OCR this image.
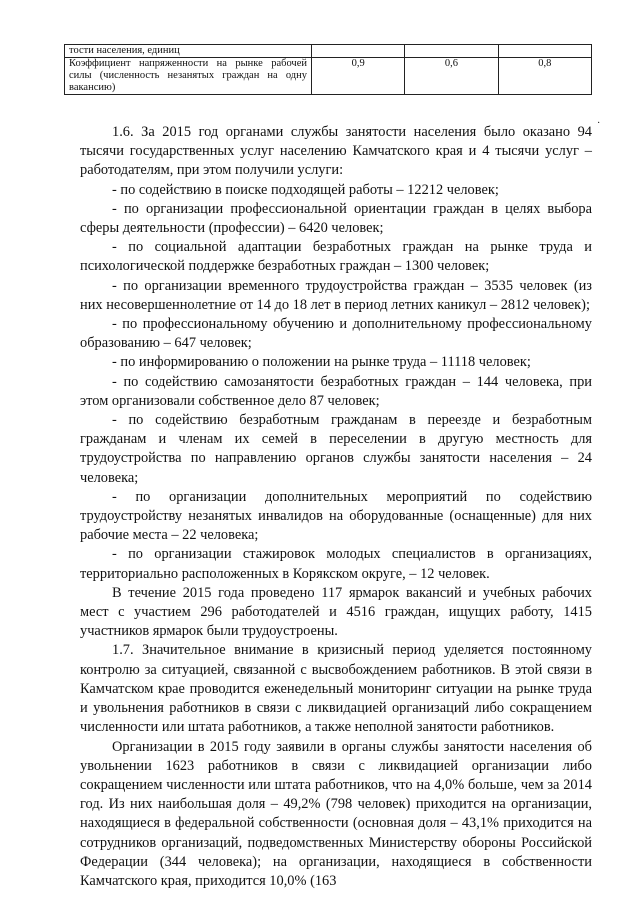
тости населения, единиц			
Коэффициент напряженности на рынке рабочей силы (численность незанятых граждан на одну вакансию)	0,9	0,6	0,8
·

1.6. За 2015 год органами службы занятости населения было оказано 94 тысячи государственных услуг населению Камчатского края и 4 тысячи услуг – работодателям, при этом получили услуги:

- по содействию в поиске подходящей работы – 12212 человек;

- по организации профессиональной ориентации граждан в целях выбора сферы деятельности (профессии) – 6420 человек;

- по социальной адаптации безработных граждан на рынке труда и психологической поддержке безработных граждан – 1300 человек;

- по организации временного трудоустройства граждан – 3535 человек (из них несовершеннолетние от 14 до 18 лет в период летних каникул – 2812 человек);

- по профессиональному обучению и дополнительному профессиональному образованию – 647 человек;

- по информированию о положении на рынке труда – 11118 человек;

- по содействию самозанятости безработных граждан – 144 человека, при этом организовали собственное дело 87 человек;

- по содействию безработным гражданам в переезде и безработным гражданам и членам их семей в переселении в другую местность для трудоустройства по направлению органов службы занятости населения – 24 человека;

- по организации дополнительных мероприятий по содействию трудоустройству незанятых инвалидов на оборудованные (оснащенные) для них рабочие места – 22 человека;

- по организации стажировок молодых специалистов в организациях, территориально расположенных в Корякском округе, – 12 человек.

В течение 2015 года проведено 117 ярмарок вакансий и учебных рабочих мест с участием 296 работодателей и 4516 граждан, ищущих работу, 1415 участников ярмарок были трудоустроены.

1.7. Значительное внимание в кризисный период уделяется постоянному контролю за ситуацией, связанной с высвобождением работников. В этой связи в Камчатском крае проводится еженедельный мониторинг ситуации на рынке труда и увольнения работников в связи с ликвидацией организаций либо сокращением численности или штата работников, а также неполной занятости работников.

Организации в 2015 году заявили в органы службы занятости населения об увольнении 1623 работников в связи с ликвидацией организации либо сокращением численности или штата работников, что на 4,0% больше, чем за 2014 год. Из них наибольшая доля – 49,2% (798 человек) приходится на организации, находящиеся в федеральной собственности (основная доля – 43,1% приходится на сотрудников организаций, подведомственных Министерству обороны Российской Федерации (344 человека); на организации, находящиеся в собственности Камчатского края, приходится 10,0% (163
